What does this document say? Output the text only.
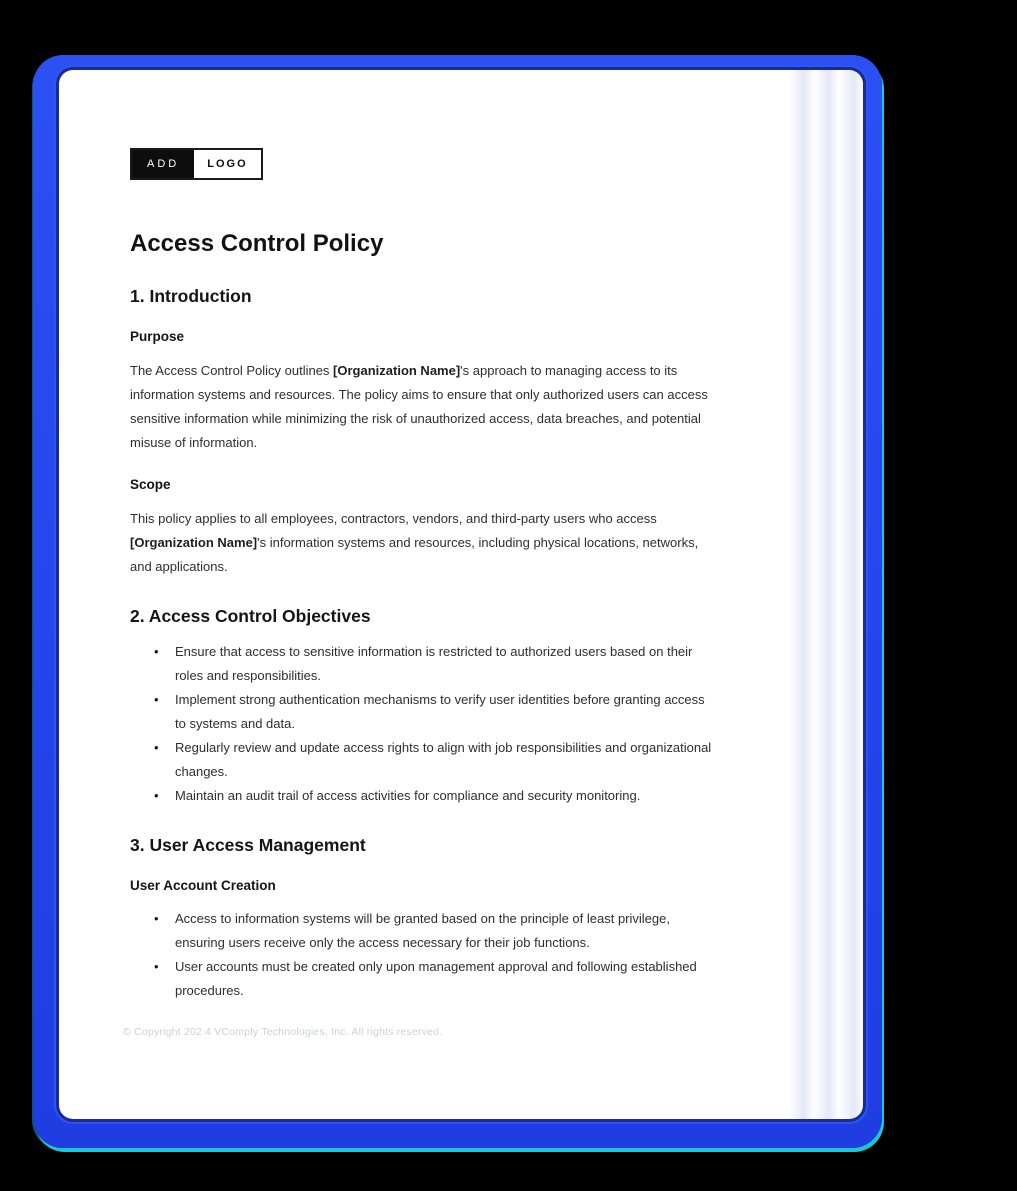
ADD	LOGO
Access Control Policy
1. Introduction
Purpose

The Access Control Policy outlines [Organization Name]'s approach to managing access to its information systems and resources. The policy aims to ensure that only authorized users can access sensitive information while minimizing the risk of unauthorized access, data breaches, and potential misuse of information.

Scope

This policy applies to all employees, contractors, vendors, and third-party users who access [Organization Name]'s information systems and resources, including physical locations, networks, and applications.

2. Access Control Objectives
• Ensure that access to sensitive information is restricted to authorized users based on their roles and responsibilities.
• Implement strong authentication mechanisms to verify user identities before granting access to systems and data.
• Regularly review and update access rights to align with job responsibilities and organizational changes.
• Maintain an audit trail of access activities for compliance and security monitoring.
3. User Access Management
User Account Creation
• Access to information systems will be granted based on the principle of least privilege, ensuring users receive only the access necessary for their job functions.
• User accounts must be created only upon management approval and following established procedures.
© Copyright 202 4 VComply Technologies, Inc. All rights reserved.
